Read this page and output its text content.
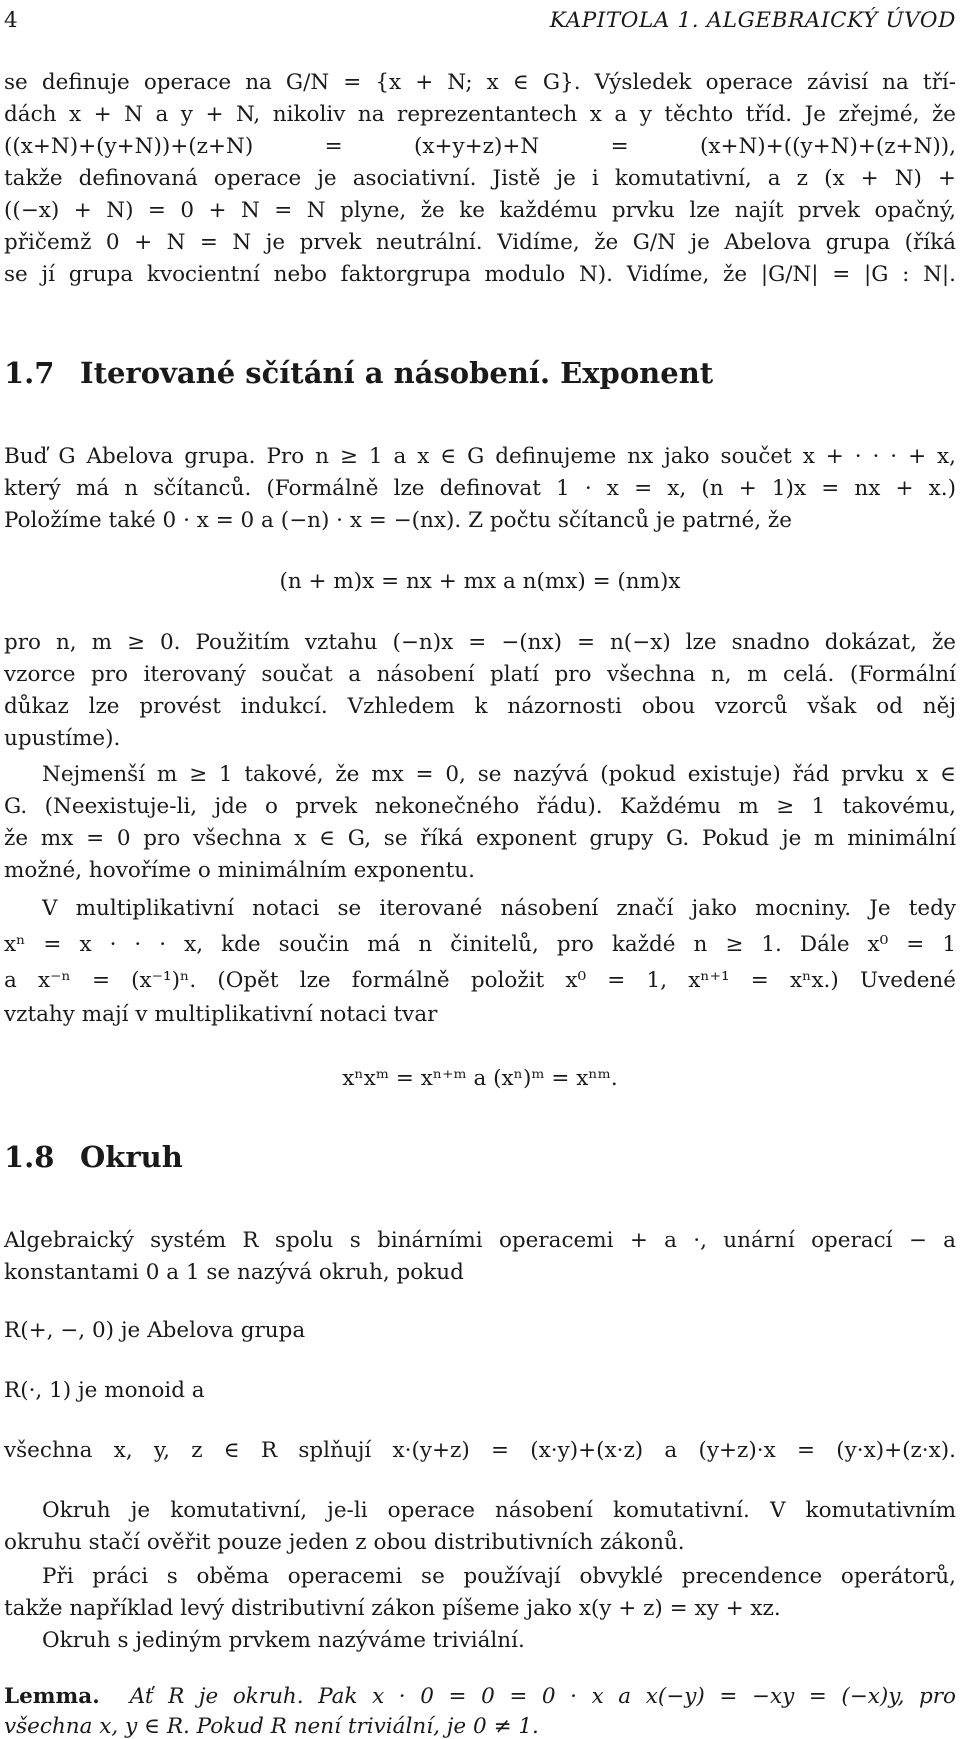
4	KAPITOLA 1. ALGEBRAICKÝ ÚVOD
se definuje operace na G/N = {x + N; x ∈ G}. Výsledek operace závisí na tří-
dách x + N a y + N, nikoliv na reprezentantech x a y těchto tříd. Je zřejmé, že
((x+N)+(y+N))+(z+N) = (x+y+z)+N = (x+N)+((y+N)+(z+N)),
takže definovaná operace je asociativní. Jistě je i komutativní, a z (x + N) +
((−x) + N) = 0 + N = N plyne, že ke každému prvku lze najít prvek opačný,
přičemž 0 + N = N je prvek neutrální. Vidíme, že G/N je Abelova grupa (říká
se jí grupa kvocientní nebo faktorgrupa modulo N). Vidíme, že |G/N| = |G : N|.
1.7 Iterované sčítání a násobení. Exponent
Buď G Abelova grupa. Pro n ≥ 1 a x ∈ G definujeme nx jako součet x + · · · + x,
který má n sčítanců. (Formálně lze definovat 1 · x = x, (n + 1)x = nx + x.)
Položíme také 0 · x = 0 a (−n) · x = −(nx). Z počtu sčítanců je patrné, že
(n + m)x = nx + mx a n(mx) = (nm)x
pro n, m ≥ 0. Použitím vztahu (−n)x = −(nx) = n(−x) lze snadno dokázat, že
vzorce pro iterovaný součat a násobení platí pro všechna n, m celá. (Formální
důkaz lze provést indukcí. Vzhledem k názornosti obou vzorců však od něj
upustíme).
Nejmenší m ≥ 1 takové, že mx = 0, se nazývá (pokud existuje) řád prvku x ∈
G. (Neexistuje-li, jde o prvek nekonečného řádu). Každému m ≥ 1 takovému,
že mx = 0 pro všechna x ∈ G, se říká exponent grupy G. Pokud je m minimální
možné, hovoříme o minimálním exponentu.
V multiplikativní notaci se iterované násobení značí jako mocniny. Je tedy
xⁿ = x · · · x, kde součin má n činitelů, pro každé n ≥ 1. Dále x⁰ = 1
a x⁻ⁿ = (x⁻¹)ⁿ. (Opět lze formálně položit x⁰ = 1, xⁿ⁺¹ = xⁿx.) Uvedené
vztahy mají v multiplikativní notaci tvar
xⁿxᵐ = xⁿ⁺ᵐ a (xⁿ)ᵐ = xⁿᵐ.
1.8 Okruh
Algebraický systém R spolu s binárními operacemi + a ·, unární operací − a
konstantami 0 a 1 se nazývá okruh, pokud
R(+, −, 0) je Abelova grupa
R(·, 1) je monoid a
všechna x, y, z ∈ R splňují x·(y+z) = (x·y)+(x·z) a (y+z)·x = (y·x)+(z·x).
Okruh je komutativní, je-li operace násobení komutativní. V komutativním
okruhu stačí ověřit pouze jeden z obou distributivních zákonů.
Při práci s oběma operacemi se používají obvyklé precendence operátorů,
takže například levý distributivní zákon píšeme jako x(y + z) = xy + xz.
Okruh s jediným prvkem nazýváme triviální.
Lemma. Ať R je okruh. Pak x · 0 = 0 = 0 · x a x(−y) = −xy = (−x)y, pro
všechna x, y ∈ R. Pokud R není triviální, je 0 ≠ 1.
